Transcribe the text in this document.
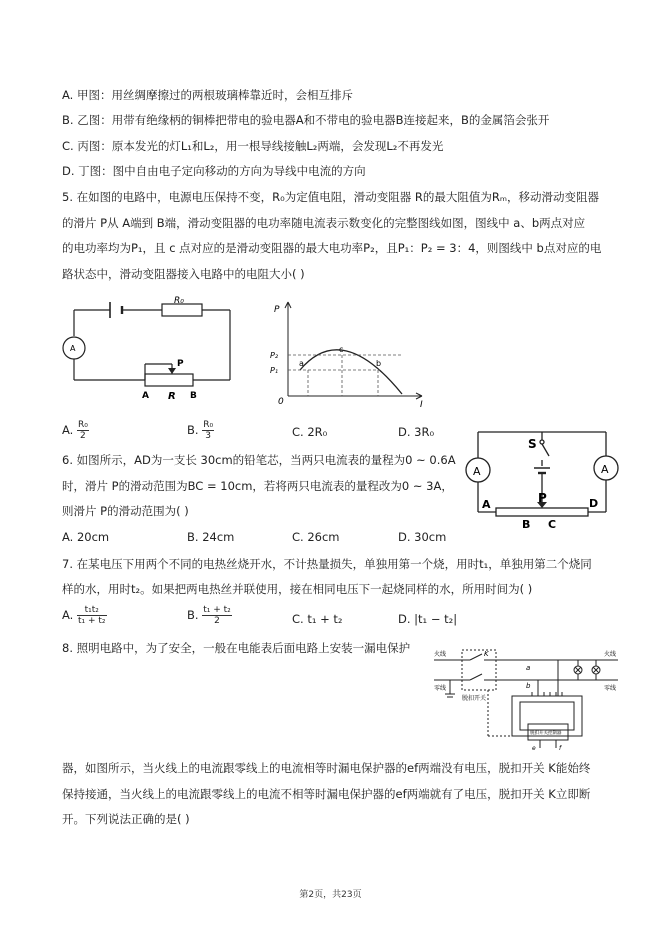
A. 甲图：用丝绸摩擦过的两根玻璃棒靠近时，会相互排斥
B. 乙图：用带有绝缘柄的铜棒把带电的验电器A和不带电的验电器B连接起来，B的金属箔会张开
C. 丙图：原本发光的灯L₁和L₂，用一根导线接触L₂两端，会发现L₂不再发光
D. 丁图：图中自由电子定向移动的方向为导线中电流的方向
5. 在如图的电路中，电源电压保持不变，R₀为定值电阻，滑动变阻器 R的最大阻值为Rₘ，移动滑动变阻器
的滑片 P从 A端到 B端，滑动变阻器的电功率随电流表示数变化的完整图线如图，图线中 a、b两点对应
的电功率均为P₁，且 c 点对应的是滑动变阻器的最大电功率P₂，且P₁：P₂ = 3：4，则图线中 b点对应的电
路状态中，滑动变阻器接入电路中的电阻大小( )
R₀
P
A R B
A
P
I
0
P₂
P₁
a
c
b
A. $\frac{\text{R₀}}{2}$	B. $\frac{\text{R₀}}{3}$	C. 2R₀	D. 3R₀
6. 如图所示，AD为一支长 30cm的铅笔芯，当两只电流表的量程为0 ~ 0.6A
时，滑片 P的滑动范围为BC = 10cm，若将两只电流表的量程改为0 ~ 3A，
则滑片 P的滑动范围为( )
S
A	A
P
A	D
B C
A. 20cm	B. 24cm	C. 26cm	D. 30cm
7. 在某电压下用两个不同的电热丝烧开水，不计热量损失，单独用第一个烧，用时t₁，单独用第二个烧同
样的水，用时t₂。如果把两电热丝并联使用，接在相同电压下一起烧同样的水，所用时间为( )
A. $\frac{\text{t₁t₂}}{\text{t₁ + t₂}}$	B. $\frac{\text{t₁ + t₂}}{2}$	C. t₁ + t₂	D. |t₁ − t₂|
8. 照明电路中，为了安全，一般在电能表后面电路上安装一漏电保护	火线
零线
火线
零线
K
脱扣开关
a
b
e	f
脱扣开关控制器
器，如图所示，当火线上的电流跟零线上的电流相等时漏电保护器的ef两端没有电压，脱扣开关 K能始终
保持接通，当火线上的电流跟零线上的电流不相等时漏电保护器的ef两端就有了电压，脱扣开关 K立即断
开。下列说法正确的是( )
第2页，共23页
